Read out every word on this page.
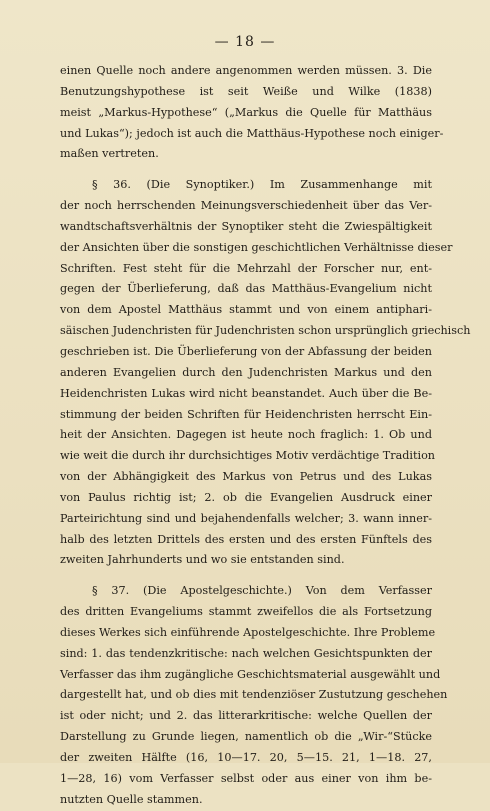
— 18 —
einen Quelle noch andere angenommen werden müssen. 3. Die
Benutzungshypothese ist seit Weiße und Wilke (1838)
meist „Markus-Hypothese“ („Markus die Quelle für Matthäus
und Lukas“); jedoch ist auch die Matthäus-Hypothese noch einiger-
maßen vertreten.
§ 36. (Die Synoptiker.) Im Zusammenhange mit
der noch herrschenden Meinungsverschiedenheit über das Ver-
wandtschaftsverhältnis der Synoptiker steht die Zwiespältigkeit
der Ansichten über die sonstigen geschichtlichen Verhältnisse dieser
Schriften. Fest steht für die Mehrzahl der Forscher nur, ent-
gegen der Überlieferung, daß das Matthäus-Evangelium nicht
von dem Apostel Matthäus stammt und von einem antiphari-
säischen Judenchristen für Judenchristen schon ursprünglich griechisch
geschrieben ist. Die Überlieferung von der Abfassung der beiden
anderen Evangelien durch den Judenchristen Markus und den
Heidenchristen Lukas wird nicht beanstandet. Auch über die Be-
stimmung der beiden Schriften für Heidenchristen herrscht Ein-
heit der Ansichten. Dagegen ist heute noch fraglich: 1. Ob und
wie weit die durch ihr durchsichtiges Motiv verdächtige Tradition
von der Abhängigkeit des Markus von Petrus und des Lukas
von Paulus richtig ist; 2. ob die Evangelien Ausdruck einer
Parteirichtung sind und bejahendenfalls welcher; 3. wann inner-
halb des letzten Drittels des ersten und des ersten Fünftels des
zweiten Jahrhunderts und wo sie entstanden sind.
§ 37. (Die Apostelgeschichte.) Von dem Verfasser
des dritten Evangeliums stammt zweifellos die als Fortsetzung
dieses Werkes sich einführende Apostelgeschichte. Ihre Probleme
sind: 1. das tendenzkritische: nach welchen Gesichtspunkten der
Verfasser das ihm zugängliche Geschichtsmaterial ausgewählt und
dargestellt hat, und ob dies mit tendenziöser Zustutzung geschehen
ist oder nicht; und 2. das litterarkritische: welche Quellen der
Darstellung zu Grunde liegen, namentlich ob die „Wir-“Stücke
der zweiten Hälfte (16, 10—17. 20, 5—15. 21, 1—18. 27,
1—28, 16) vom Verfasser selbst oder aus einer von ihm be-
nutzten Quelle stammen.
